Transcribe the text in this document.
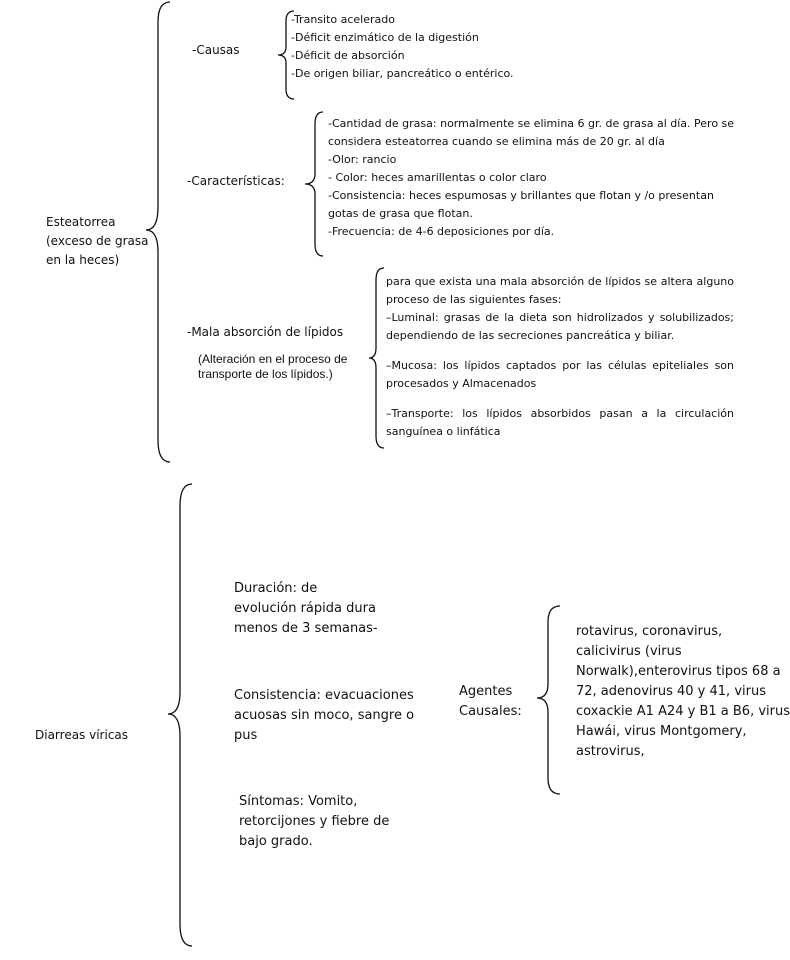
Esteatorrea
(exceso de grasa
en la heces)
-Causas
-Transito acelerado
-Déficit enzimático de la digestión
-Déficit de absorción
-De origen biliar, pancreático o entérico.
-Características:
-Cantidad de grasa: normalmente se elimina 6 gr. de grasa al día. Pero se
considera esteatorrea cuando se elimina más de 20 gr. al día
-Olor: rancio
- Color: heces amarillentas o color claro
-Consistencia: heces espumosas y brillantes que flotan y /o presentan
gotas de grasa que flotan.
-Frecuencia: de 4-6 deposiciones por día.
-Mala absorción de lípidos
(Alteración en el proceso de
transporte de los lípidos.)
para que exista una mala absorción de lípidos se altera alguno proceso de las siguientes fases:
–Luminal: grasas de la dieta son hidrolizados y solubilizados; dependiendo de las secreciones pancreática y biliar.
–Mucosa: los lípidos captados por las células epiteliales son procesados y Almacenados
–Transporte: los lípidos absorbidos pasan a la circulación sanguínea o linfática
Diarreas víricas
Duración: de
evolución rápida dura
menos de 3 semanas-
Consistencia: evacuaciones
acuosas sin moco, sangre o
pus
Síntomas: Vomito,
retorcijones y fiebre de
bajo grado.
Agentes
Causales:
rotavirus, coronavirus,
calicivirus (virus
Norwalk),enterovirus tipos 68 a
72, adenovirus 40 y 41, virus
coxackie A1 A24 y B1 a B6, virus
Hawái, virus Montgomery,
astrovirus,
